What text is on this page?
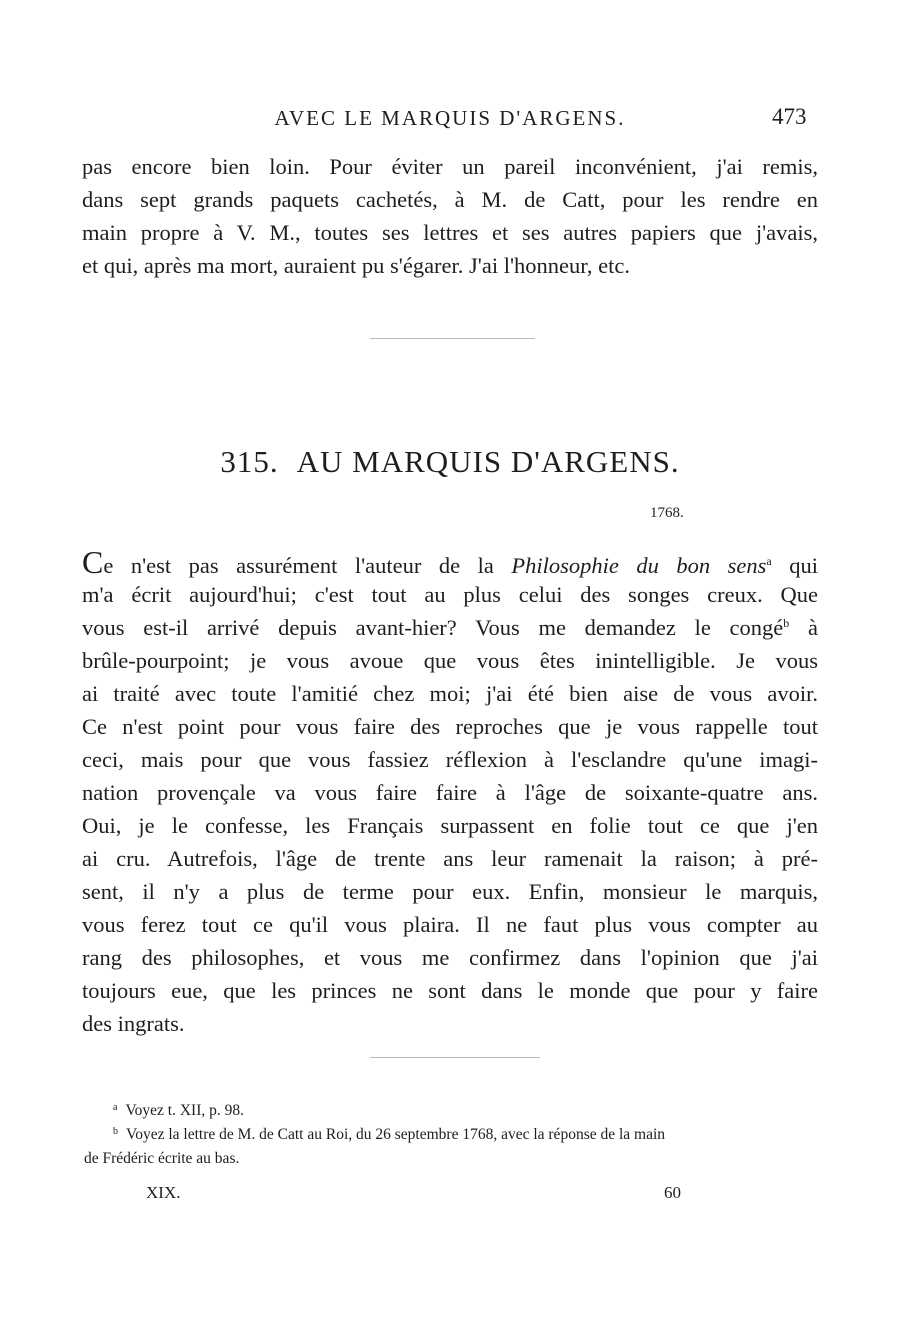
AVEC LE MARQUIS D'ARGENS.	473
pas encore bien loin. Pour éviter un pareil inconvénient, j'ai remis,
dans sept grands paquets cachetés, à M. de Catt, pour les rendre en
main propre à V. M., toutes ses lettres et ses autres papiers que j'avais,
et qui, après ma mort, auraient pu s'égarer. J'ai l'honneur, etc.
315. AU MARQUIS D'ARGENS.
1768.
Ce n'est pas assurément l'auteur de la Philosophie du bon sens$^a$ qui
m'a écrit aujourd'hui; c'est tout au plus celui des songes creux. Que
vous est-il arrivé depuis avant-hier? Vous me demandez le congé$^b$ à
brûle-pourpoint; je vous avoue que vous êtes inintelligible. Je vous
ai traité avec toute l'amitié chez moi; j'ai été bien aise de vous avoir.
Ce n'est point pour vous faire des reproches que je vous rappelle tout
ceci, mais pour que vous fassiez réflexion à l'esclandre qu'une imagi-
nation provençale va vous faire faire à l'âge de soixante-quatre ans.
Oui, je le confesse, les Français surpassent en folie tout ce que j'en
ai cru. Autrefois, l'âge de trente ans leur ramenait la raison; à pré-
sent, il n'y a plus de terme pour eux. Enfin, monsieur le marquis,
vous ferez tout ce qu'il vous plaira. Il ne faut plus vous compter au
rang des philosophes, et vous me confirmez dans l'opinion que j'ai
toujours eue, que les princes ne sont dans le monde que pour y faire
des ingrats.
$^a$ Voyez t. XII, p. 98.
$^b$ Voyez la lettre de M. de Catt au Roi, du 26 septembre 1768, avec la réponse de la main
de Frédéric écrite au bas.
XIX.	60
